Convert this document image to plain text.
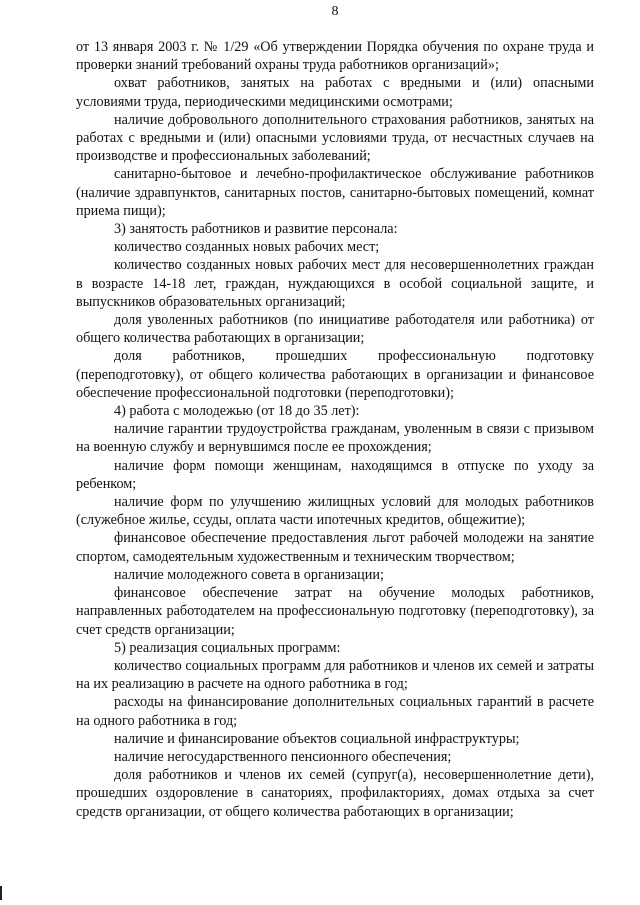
8

от 13 января 2003 г. № 1/29 «Об утверждении Порядка обучения по охране труда и проверки знаний требований охраны труда работников организаций»;

охват работников, занятых на работах с вредными и (или) опасными условиями труда, периодическими медицинскими осмотрами;

наличие добровольного дополнительного страхования работников, занятых на работах с вредными и (или) опасными условиями труда, от несчастных случаев на производстве и профессиональных заболеваний;

санитарно-бытовое и лечебно-профилактическое обслуживание работников (наличие здравпунктов, санитарных постов, санитарно-бытовых помещений, комнат приема пищи);

3) занятость работников и развитие персонала:

количество созданных новых рабочих мест;

количество созданных новых рабочих мест для несовершеннолетних граждан в возрасте 14-18 лет, граждан, нуждающихся в особой социальной защите, и выпускников образовательных организаций;

доля уволенных работников (по инициативе работодателя или работника) от общего количества работающих в организации;

доля работников, прошедших профессиональную подготовку (переподготовку), от общего количества работающих в организации и финансовое обеспечение профессиональной подготовки (переподготовки);

4) работа с молодежью (от 18 до 35 лет):

наличие гарантии трудоустройства гражданам, уволенным в связи с призывом на военную службу и вернувшимся после ее прохождения;

наличие форм помощи женщинам, находящимся в отпуске по уходу за ребенком;

наличие форм по улучшению жилищных условий для молодых работников (служебное жилье, ссуды, оплата части ипотечных кредитов, общежитие);

финансовое обеспечение предоставления льгот рабочей молодежи на занятие спортом, самодеятельным художественным и техническим творчеством;

наличие молодежного совета в организации;

финансовое обеспечение затрат на обучение молодых работников, направленных работодателем на профессиональную подготовку (переподготовку), за счет средств организации;

5) реализация социальных программ:

количество социальных программ для работников и членов их семей и затраты на их реализацию в расчете на одного работника в год;

расходы на финансирование дополнительных социальных гарантий в расчете на одного работника в год;

наличие и финансирование объектов социальной инфраструктуры;

наличие негосударственного пенсионного обеспечения;

доля работников и членов их семей (супруг(а), несовершеннолетние дети), прошедших оздоровление в санаториях, профилакториях, домах отдыха за счет средств организации, от общего количества работающих в организации;
